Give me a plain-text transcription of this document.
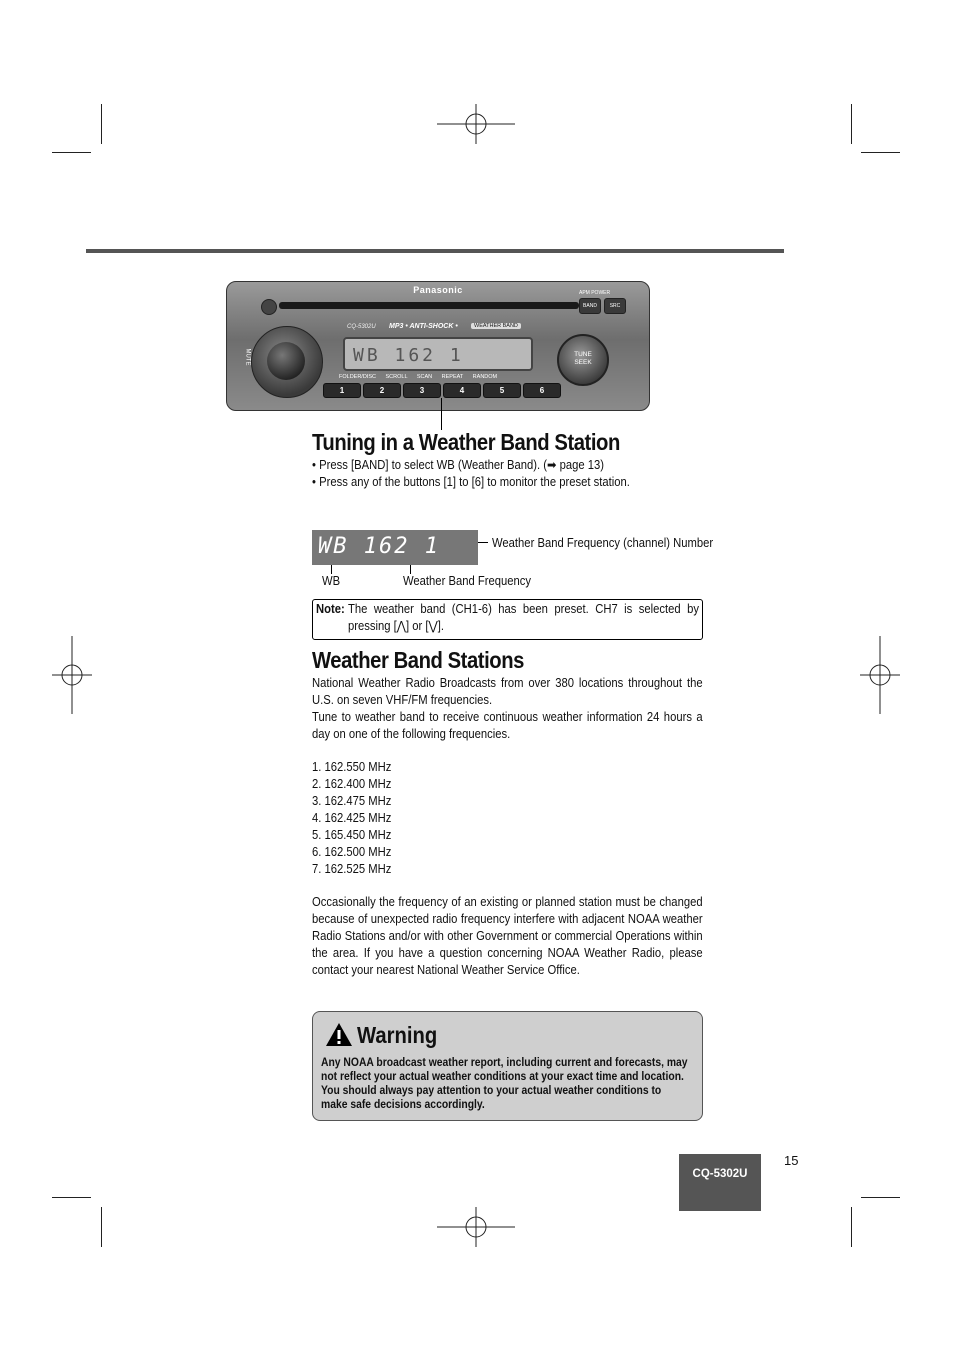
Panasonic	APM POWER
BAND	SRC
MUTE
CQ-5302U MP3 • ANTI-SHOCK •	WEATHER BAND
WB 162 1
FOLDER/DISC SCROLL SCAN REPEAT RANDOM
1	2	3	4	5	6
TUNE
SEEK
Tuning in a Weather Band Station
• Press [BAND] to select WB (Weather Band). (➡ page 13)
• Press any of the buttons [1] to [6] to monitor the preset station.
WB 162 1	Weather Band Frequency (channel) Number
WB	Weather Band Frequency
Note: The weather band (CH1-6) has been preset. CH7 is selected by pressing [⋀] or [⋁].
Weather Band Stations
National Weather Radio Broadcasts from over 380 locations throughout the U.S. on seven VHF/FM frequencies.
Tune to weather band to receive continuous weather information 24 hours a day on one of the following frequencies.
1. 162.550 MHz
2. 162.400 MHz
3. 162.475 MHz
4. 162.425 MHz
5. 165.450 MHz
6. 162.500 MHz
7. 162.525 MHz
Occasionally the frequency of an existing or planned station must be changed because of unexpected radio frequency interfere with adjacent NOAA weather Radio Stations and/or with other Government or commercial Operations within the area. If you have a question concerning NOAA Weather Radio, please contact your nearest National Weather Service Office.
Warning
Any NOAA broadcast weather report, including current and forecasts, may not reflect your actual weather conditions at your exact time and location. You should always pay attention to your actual weather conditions to make safe decisions accordingly.
15
CQ-5302U
